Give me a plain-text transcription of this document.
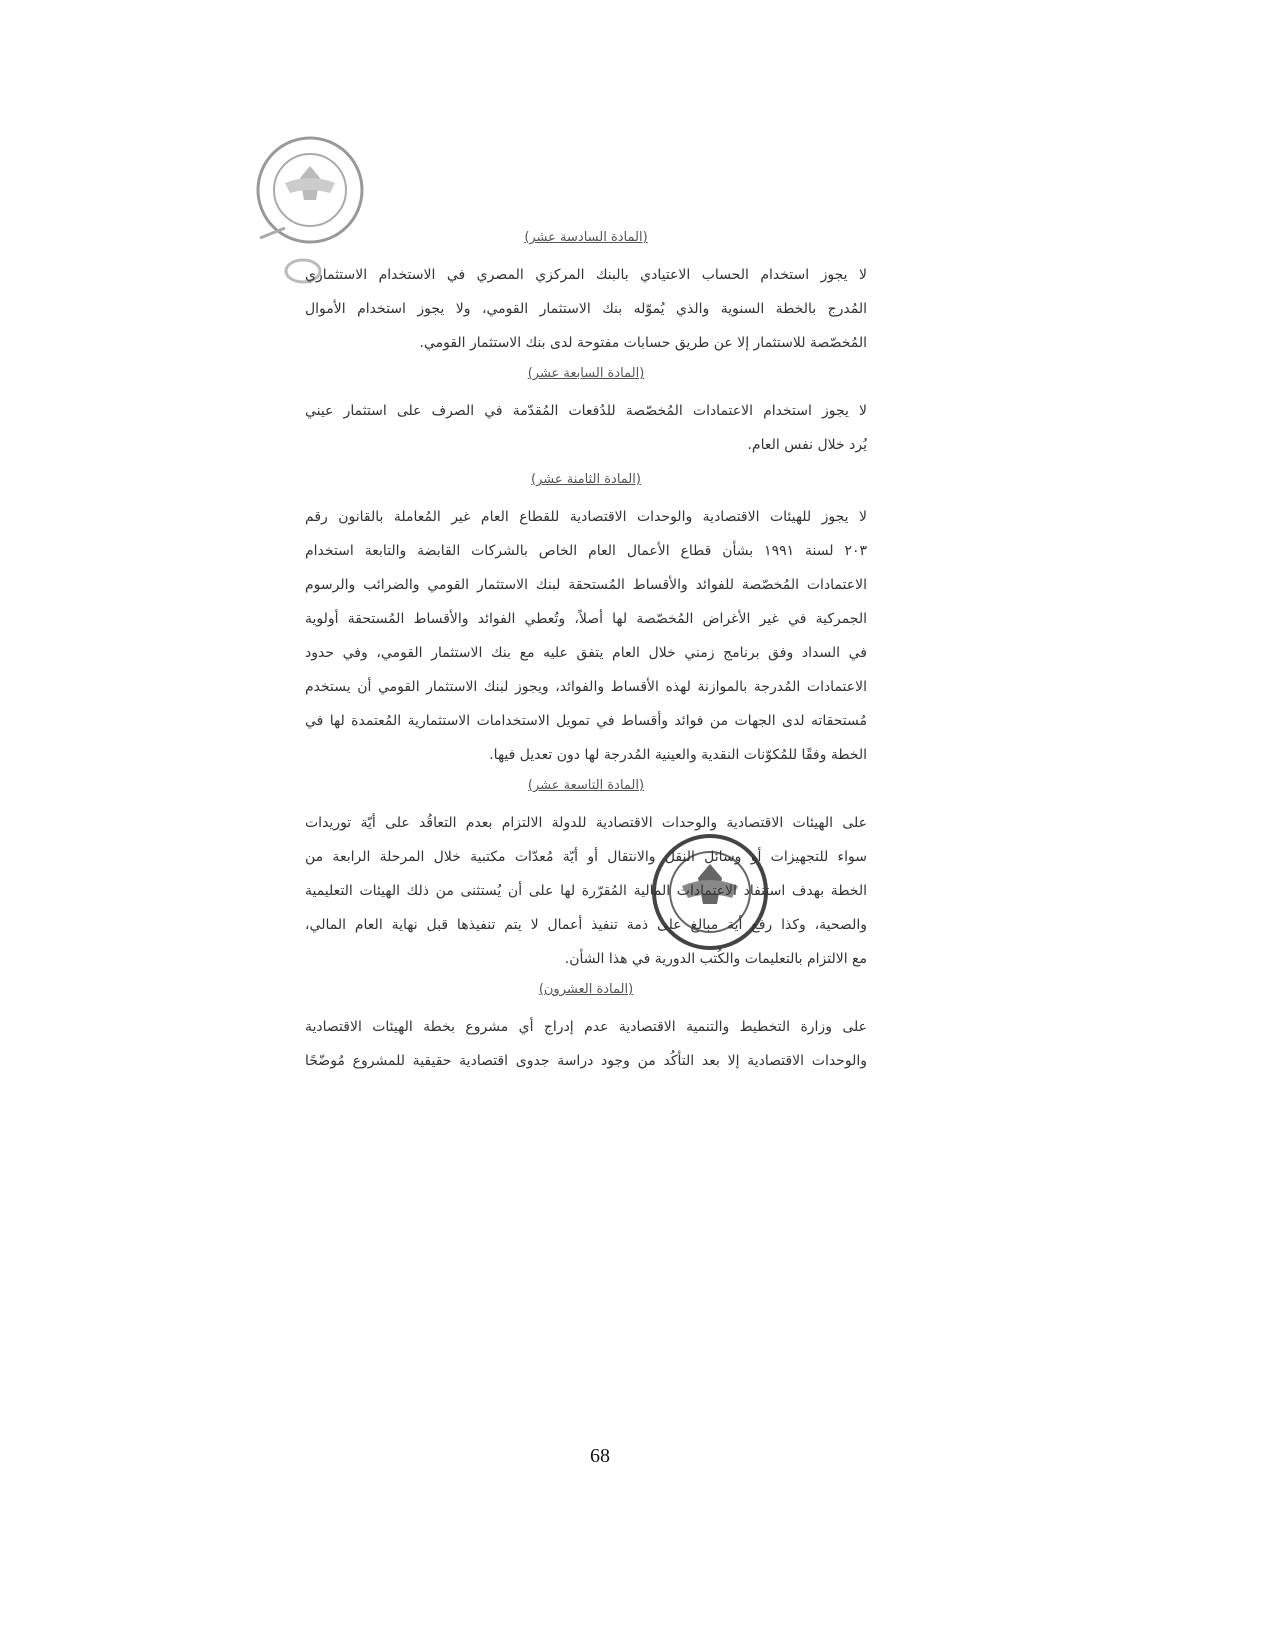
(المادة السادسة عشر)
لا يجوز استخدام الحساب الاعتيادي بالبنك المركزي المصري في الاستخدام الاستثماري
المُدرج بالخطة السنوية والذي يُموّله بنك الاستثمار القومي، ولا يجوز استخدام الأموال
المُخصّصة للاستثمار إلا عن طريق حسابات مفتوحة لدى بنك الاستثمار القومي.
(المادة السابعة عشر)
لا يجوز استخدام الاعتمادات المُخصّصة للدُفعات المُقدّمة في الصرف على استثمار عيني
يُرد خلال نفس العام.
(المادة الثامنة عشر)
لا يجوز للهيئات الاقتصادية والوحدات الاقتصادية للقطاع العام غير المُعاملة بالقانون رقم
٢٠٣ لسنة ١٩٩١ بشأن قطاع الأعمال العام الخاص بالشركات القابضة والتابعة استخدام
الاعتمادات المُخصّصة للفوائد والأقساط المُستحقة لبنك الاستثمار القومي والضرائب والرسوم
الجمركية في غير الأغراض المُخصّصة لها أصلاً، وتُعطي الفوائد والأقساط المُستحقة أولوية
في السداد وفق برنامج زمني خلال العام يتفق عليه مع بنك الاستثمار القومي، وفي حدود
الاعتمادات المُدرجة بالموازنة لهذه الأقساط والفوائد، ويجوز لبنك الاستثمار القومي أن يستخدم
مُستحقاته لدى الجهات من فوائد وأقساط في تمويل الاستخدامات الاستثمارية المُعتمدة لها في
الخطة وفقًا للمُكوّنات النقدية والعينية المُدرجة لها دون تعديل فيها.
(المادة التاسعة عشر)
على الهيئات الاقتصادية والوحدات الاقتصادية للدولة الالتزام بعدم التعاقُد على أيّة توريدات
سواء للتجهيزات أو وسائل النقل والانتقال أو أيّة مُعدّات مكتبية خلال المرحلة الرابعة من
الخطة بهدف استنفاد الاعتمادات المالية المُقرّرة لها على أن يُستثنى من ذلك الهيئات التعليمية
والصحية، وكذا رفع أية مبالغ على ذمة تنفيذ أعمال لا يتم تنفيذها قبل نهاية العام المالي،
مع الالتزام بالتعليمات والكُتب الدورية في هذا الشأن.
(المادة العشرون)
على وزارة التخطيط والتنمية الاقتصادية عدم إدراج أي مشروع بخطة الهيئات الاقتصادية
والوحدات الاقتصادية إلا بعد التأكُد من وجود دراسة جدوى اقتصادية حقيقية للمشروع مُوضّحًا
68
